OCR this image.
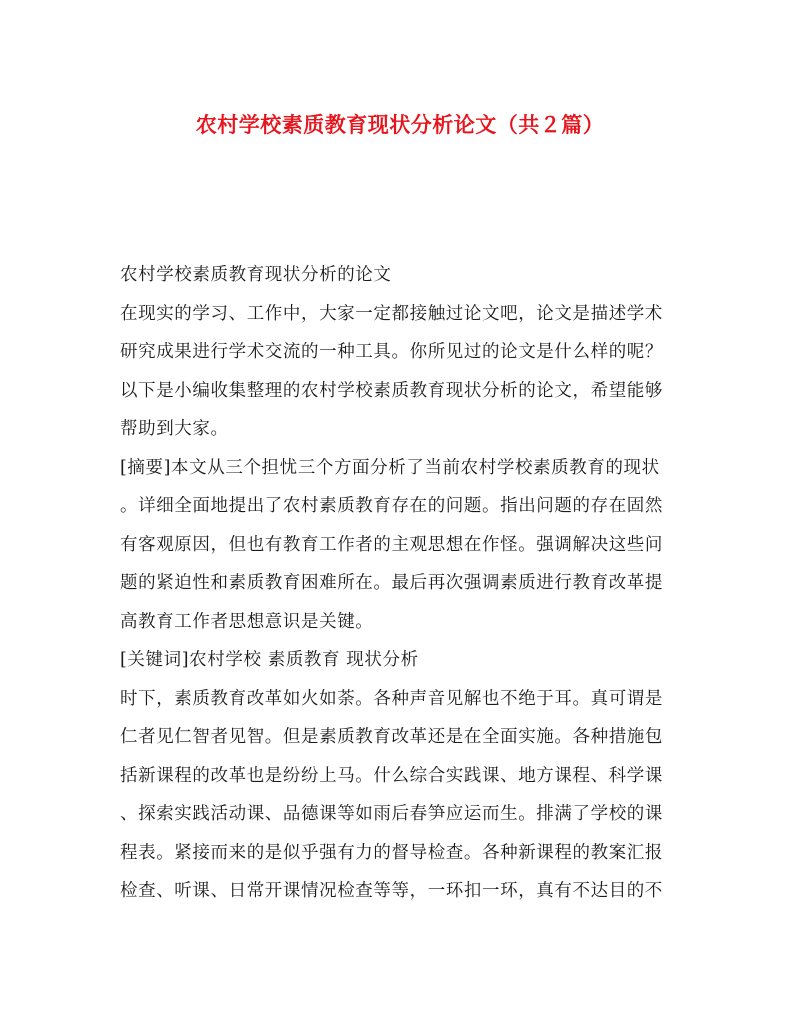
农村学校素质教育现状分析论文（共２篇）
农村学校素质教育现状分析的论文
在现实的学习、工作中，大家一定都接触过论文吧，论文是描述学术
研究成果进行学术交流的一种工具。你所见过的论文是什么样的呢？
以下是小编收集整理的农村学校素质教育现状分析的论文，希望能够
帮助到大家。
[摘要]本文从三个担忧三个方面分析了当前农村学校素质教育的现状
。详细全面地提出了农村素质教育存在的问题。指出问题的存在固然
有客观原因，但也有教育工作者的主观思想在作怪。强调解决这些问
题的紧迫性和素质教育困难所在。最后再次强调素质进行教育改革提
高教育工作者思想意识是关键。
[关键词]农村学校 素质教育 现状分析
时下，素质教育改革如火如荼。各种声音见解也不绝于耳。真可谓是
仁者见仁智者见智。但是素质教育改革还是在全面实施。各种措施包
括新课程的改革也是纷纷上马。什么综合实践课、地方课程、科学课
、探索实践活动课、品德课等如雨后春笋应运而生。排满了学校的课
程表。紧接而来的是似乎强有力的督导检查。各种新课程的教案汇报
检查、听课、日常开课情况检查等等，一环扣一环，真有不达目的不
